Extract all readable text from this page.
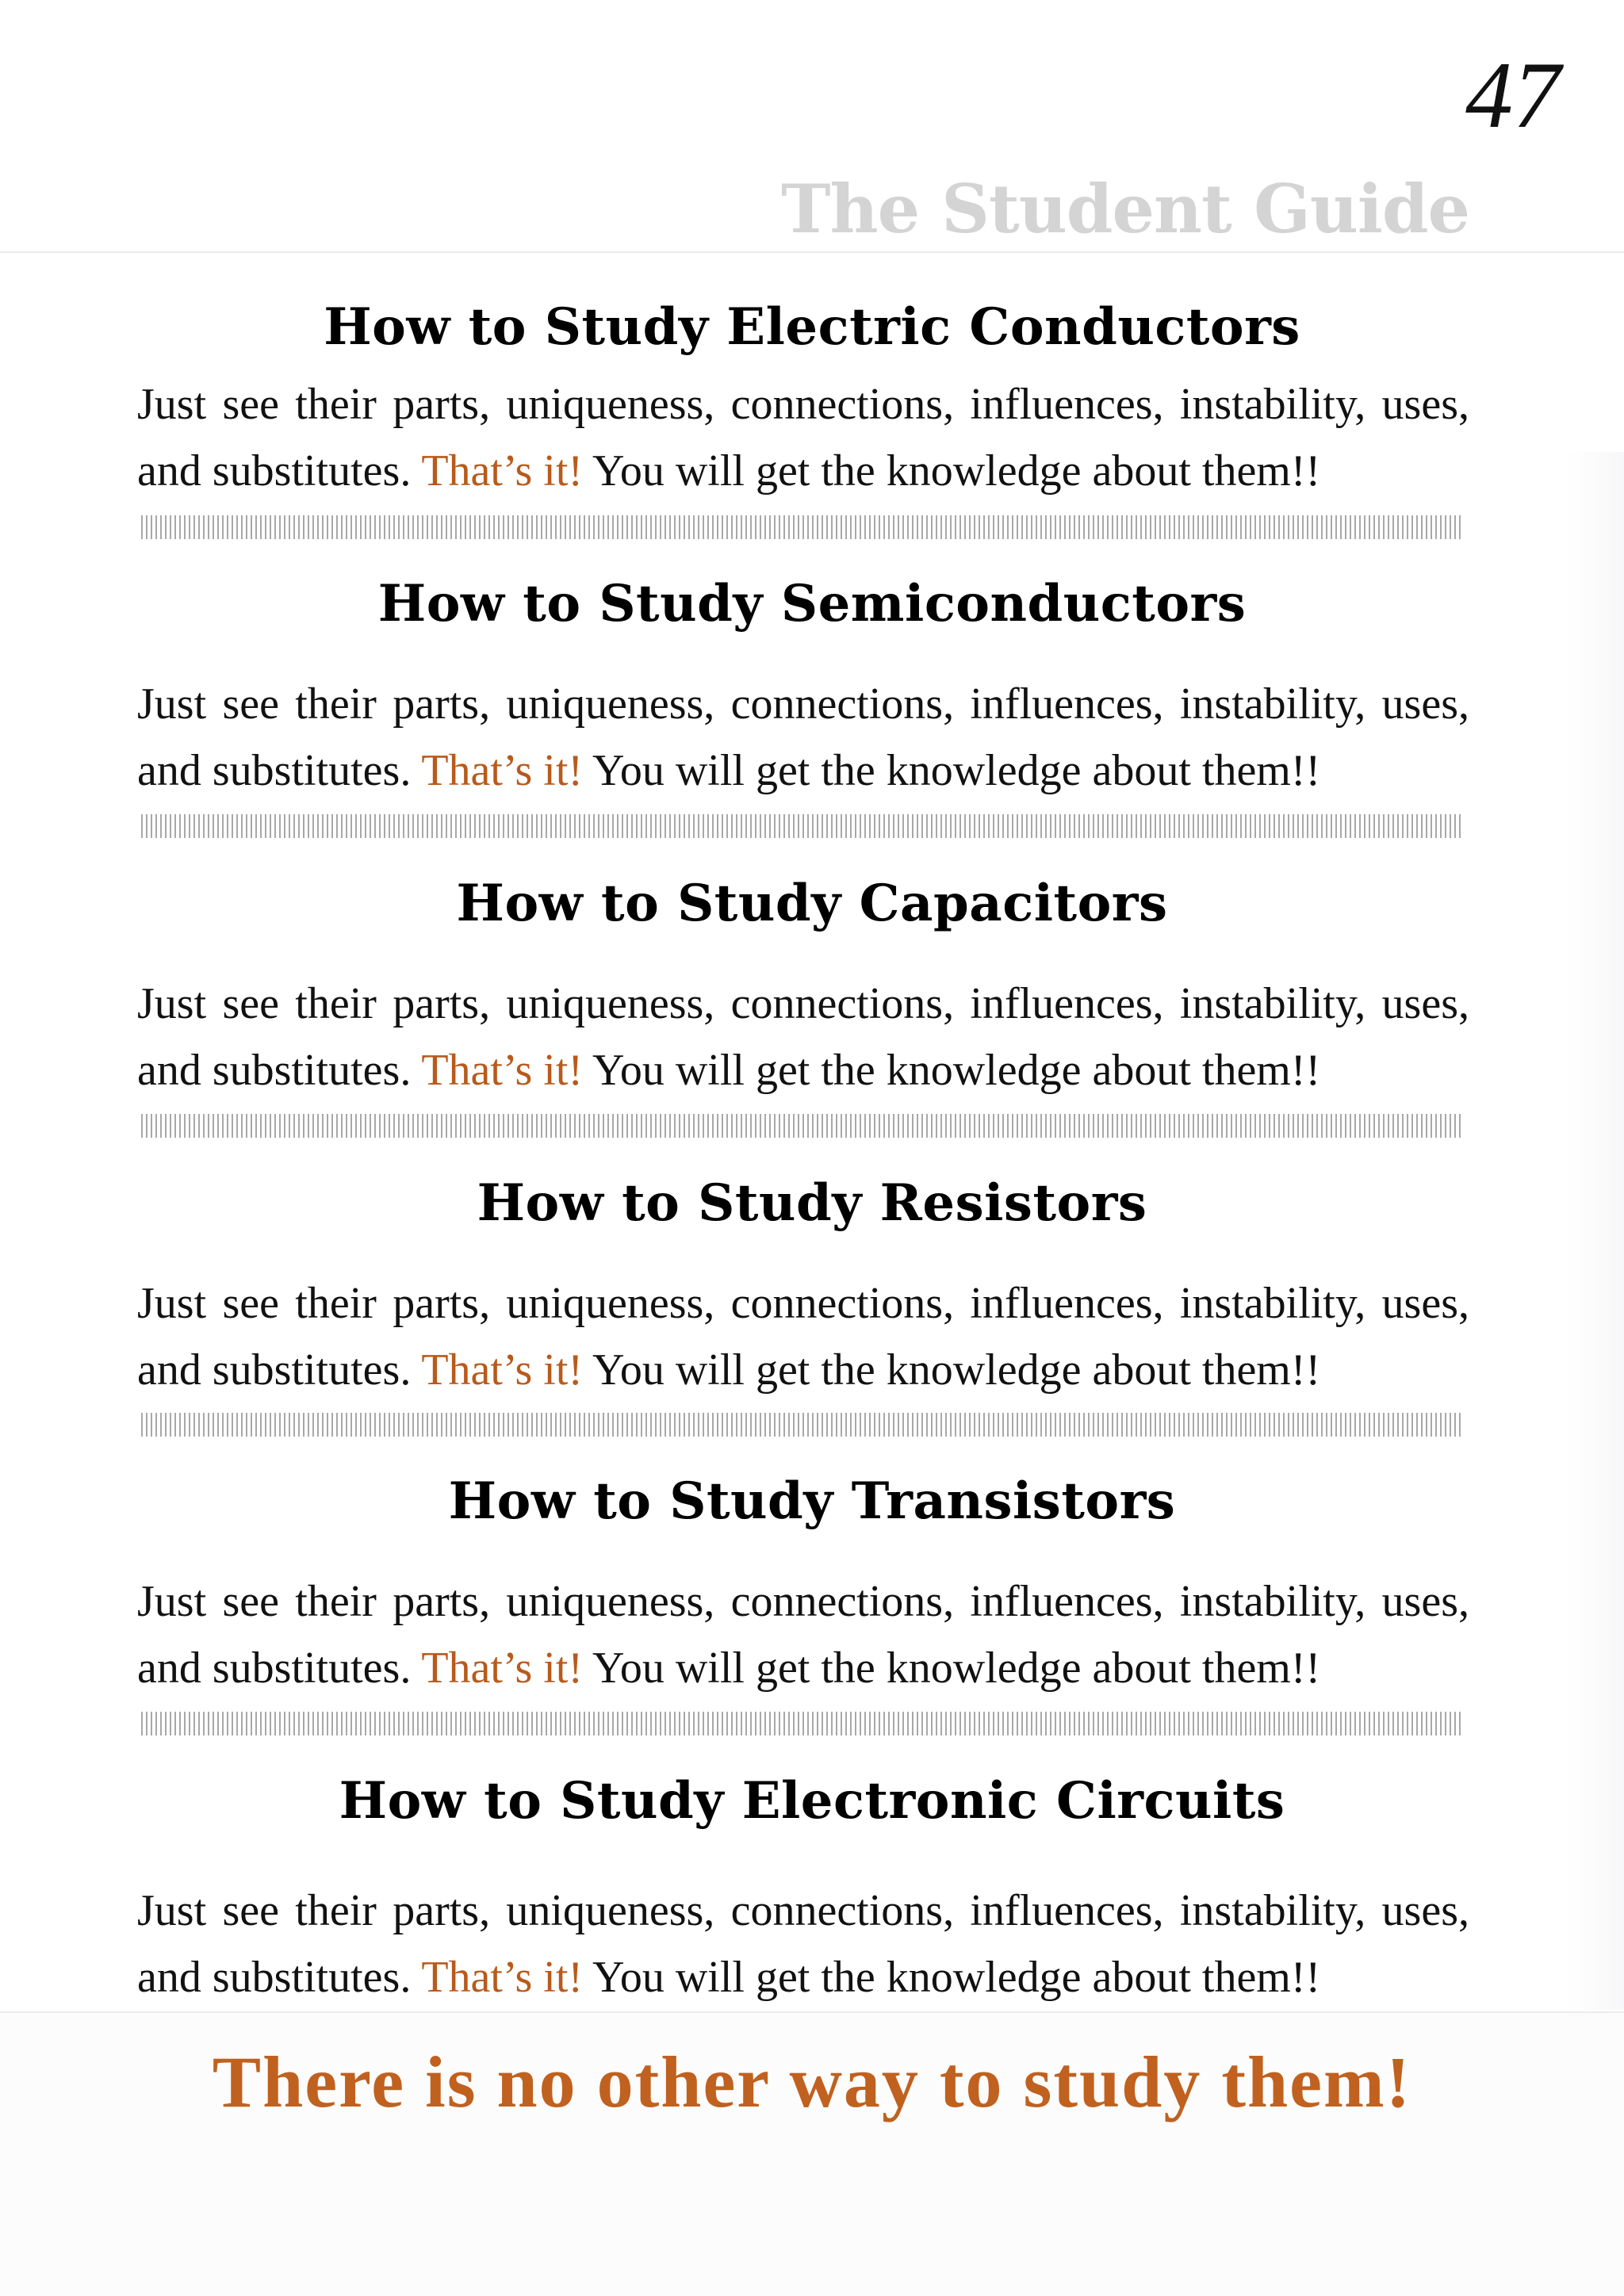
47
The Student Guide
How to Study Electric Conductors
Just see their parts, uniqueness, connections, influences, instability, uses, and substitutes. That’s it! You will get the knowledge about them!!
How to Study Semiconductors
Just see their parts, uniqueness, connections, influences, instability, uses, and substitutes. That’s it! You will get the knowledge about them!!
How to Study Capacitors
Just see their parts, uniqueness, connections, influences, instability, uses, and substitutes. That’s it! You will get the knowledge about them!!
How to Study Resistors
Just see their parts, uniqueness, connections, influences, instability, uses, and substitutes. That’s it! You will get the knowledge about them!!
How to Study Transistors
Just see their parts, uniqueness, connections, influences, instability, uses, and substitutes. That’s it! You will get the knowledge about them!!
How to Study Electronic Circuits
Just see their parts, uniqueness, connections, influences, instability, uses, and substitutes. That’s it! You will get the knowledge about them!!
There is no other way to study them!
